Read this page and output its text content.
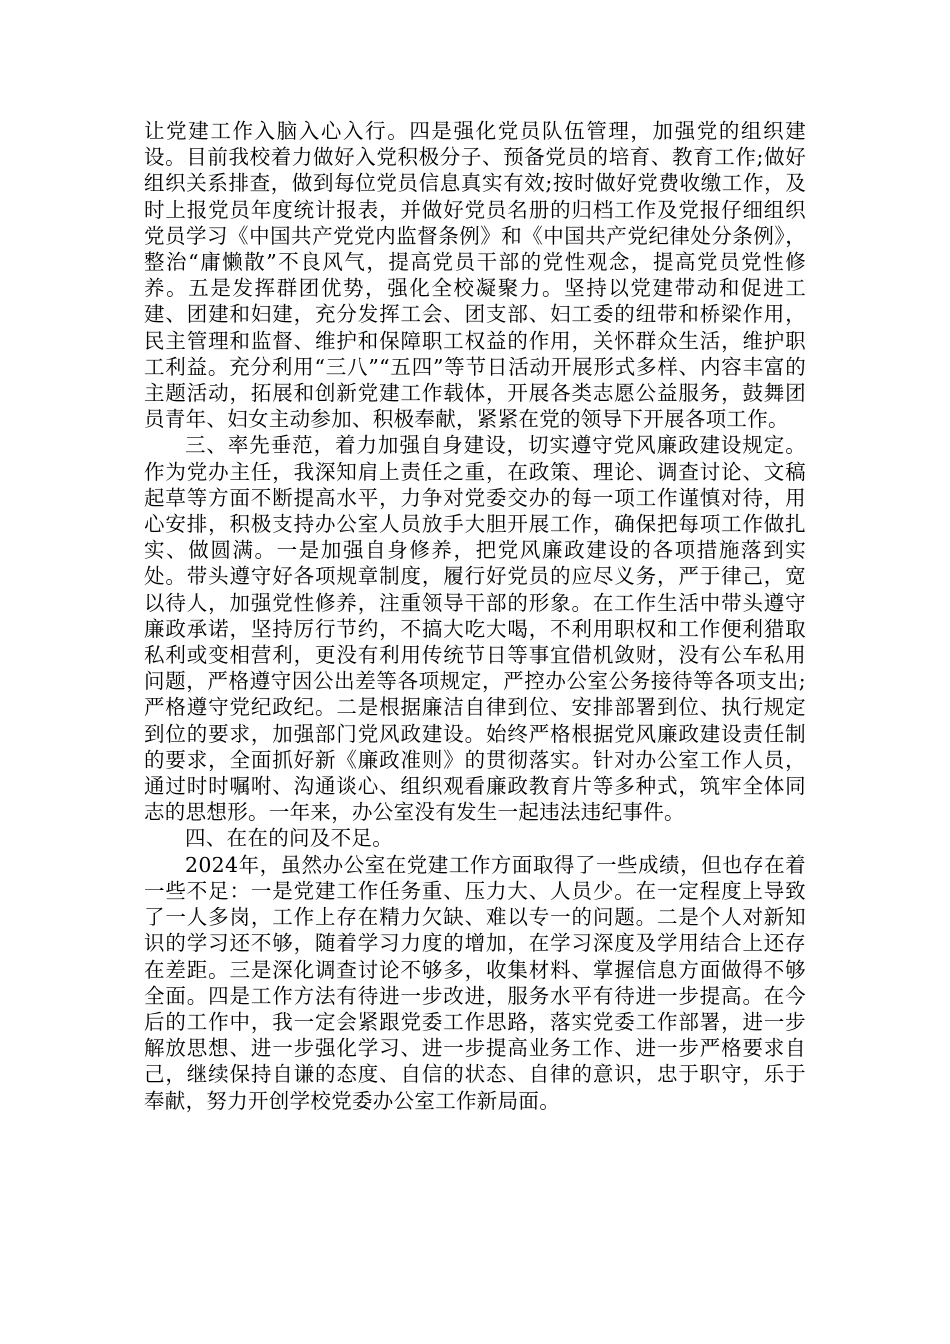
让党建工作入脑入心入行。四是强化党员队伍管理，加强党的组织建设。目前我校着力做好入党积极分子、预备党员的培育、教育工作;做好组织关系排查，做到每位党员信息真实有效;按时做好党费收缴工作，及时上报党员年度统计报表，并做好党员名册的归档工作及党报仔细组织党员学习《中国共产党党内监督条例》和《中国共产党纪律处分条例》，整治“庸懒散”不良风气，提高党员干部的党性观念，提高党员党性修养。五是发挥群团优势，强化全校凝聚力。坚持以党建带动和促进工建、团建和妇建，充分发挥工会、团支部、妇工委的纽带和桥梁作用，民主管理和监督、维护和保障职工权益的作用，关怀群众生活，维护职工利益。充分利用“三八”“五四”等节日活动开展形式多样、内容丰富的主题活动，拓展和创新党建工作载体，开展各类志愿公益服务，鼓舞团员青年、妇女主动参加、积极奉献，紧紧在党的领导下开展各项工作。

三、率先垂范，着力加强自身建设，切实遵守党风廉政建设规定。作为党办主任，我深知肩上责任之重，在政策、理论、调查讨论、文稿起草等方面不断提高水平，力争对党委交办的每一项工作谨慎对待，用心安排，积极支持办公室人员放手大胆开展工作，确保把每项工作做扎实、做圆满。一是加强自身修养，把党风廉政建设的各项措施落到实处。带头遵守好各项规章制度，履行好党员的应尽义务，严于律己，宽以待人，加强党性修养，注重领导干部的形象。在工作生活中带头遵守廉政承诺，坚持厉行节约，不搞大吃大喝，不利用职权和工作便利猎取私利或变相营利，更没有利用传统节日等事宜借机敛财，没有公车私用问题，严格遵守因公出差等各项规定，严控办公室公务接待等各项支出;严格遵守党纪政纪。二是根据廉洁自律到位、安排部署到位、执行规定到位的要求，加强部门党风政建设。始终严格根据党风廉政建设责任制的要求，全面抓好新《廉政准则》的贯彻落实。针对办公室工作人员，通过时时嘱咐、沟通谈心、组织观看廉政教育片等多种式，筑牢全体同志的思想形。一年来，办公室没有发生一起违法违纪事件。

四、在在的问及不足。

2024年，虽然办公室在党建工作方面取得了一些成绩，但也存在着一些不足：一是党建工作任务重、压力大、人员少。在一定程度上导致了一人多岗，工作上存在精力欠缺、难以专一的问题。二是个人对新知识的学习还不够，随着学习力度的增加，在学习深度及学用结合上还存在差距。三是深化调查讨论不够多，收集材料、掌握信息方面做得不够全面。四是工作方法有待进一步改进，服务水平有待进一步提高。在今后的工作中，我一定会紧跟党委工作思路，落实党委工作部署，进一步解放思想、进一步强化学习、进一步提高业务工作、进一步严格要求自己，继续保持自谦的态度、自信的状态、自律的意识，忠于职守，乐于奉献，努力开创学校党委办公室工作新局面。
